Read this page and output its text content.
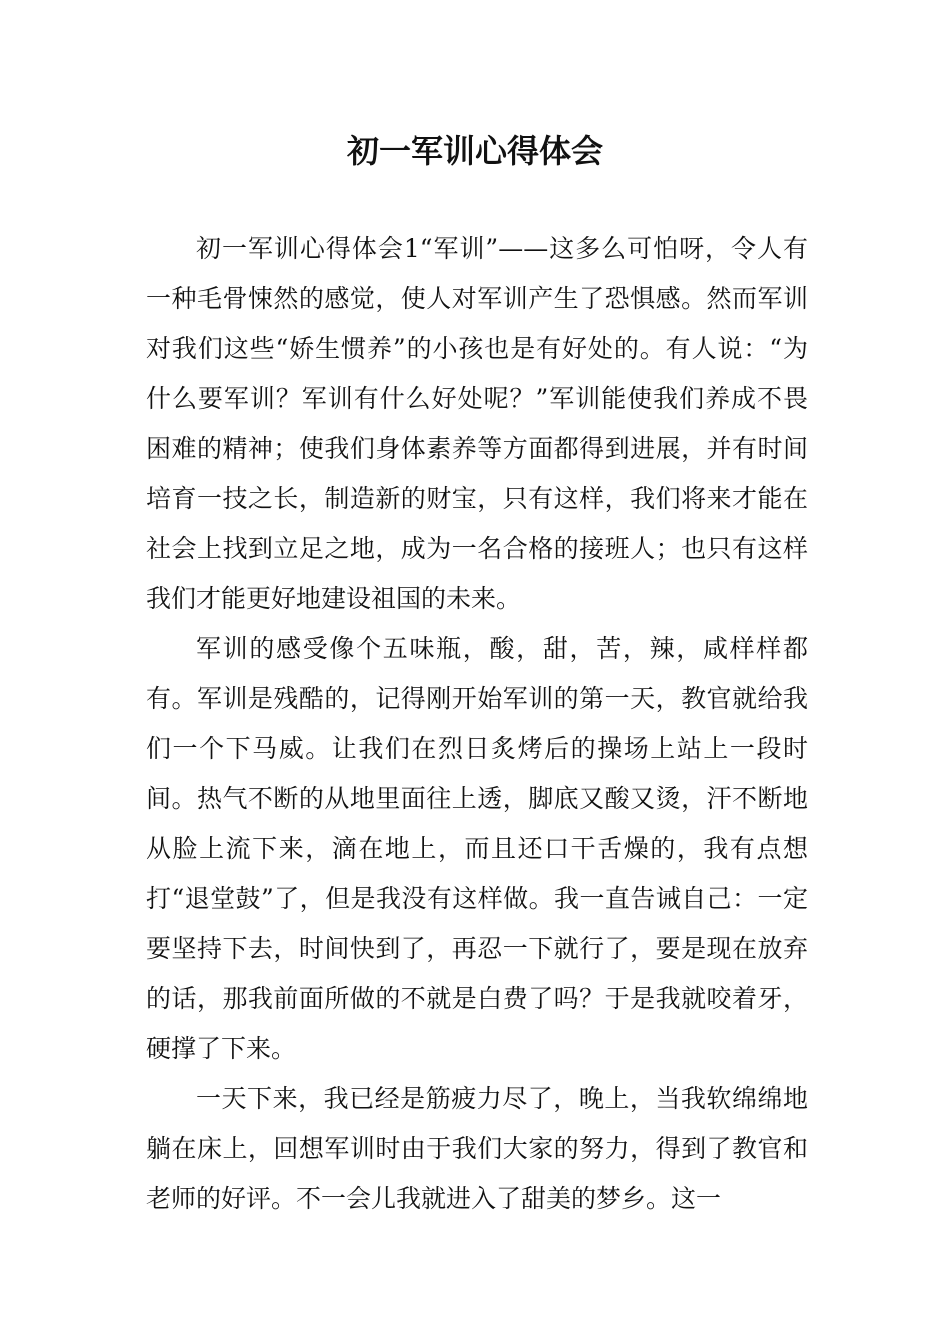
初一军训心得体会

初一军训心得体会1“军训”——这多么可怕呀，令人有一种毛骨悚然的感觉，使人对军训产生了恐惧感。然而军训对我们这些“娇生惯养”的小孩也是有好处的。有人说：“为什么要军训？军训有什么好处呢？”军训能使我们养成不畏困难的精神；使我们身体素养等方面都得到进展，并有时间培育一技之长，制造新的财宝，只有这样，我们将来才能在社会上找到立足之地，成为一名合格的接班人；也只有这样我们才能更好地建设祖国的未来。

军训的感受像个五味瓶，酸，甜，苦，辣，咸样样都有。军训是残酷的，记得刚开始军训的第一天，教官就给我们一个下马威。让我们在烈日炙烤后的操场上站上一段时间。热气不断的从地里面往上透，脚底又酸又烫，汗不断地从脸上流下来，滴在地上，而且还口干舌燥的，我有点想打“退堂鼓”了，但是我没有这样做。我一直告诫自己：一定要坚持下去，时间快到了，再忍一下就行了，要是现在放弃的话，那我前面所做的不就是白费了吗？于是我就咬着牙，硬撑了下来。

一天下来，我已经是筋疲力尽了，晚上，当我软绵绵地躺在床上，回想军训时由于我们大家的努力，得到了教官和老师的好评。不一会儿我就进入了甜美的梦乡。这一
